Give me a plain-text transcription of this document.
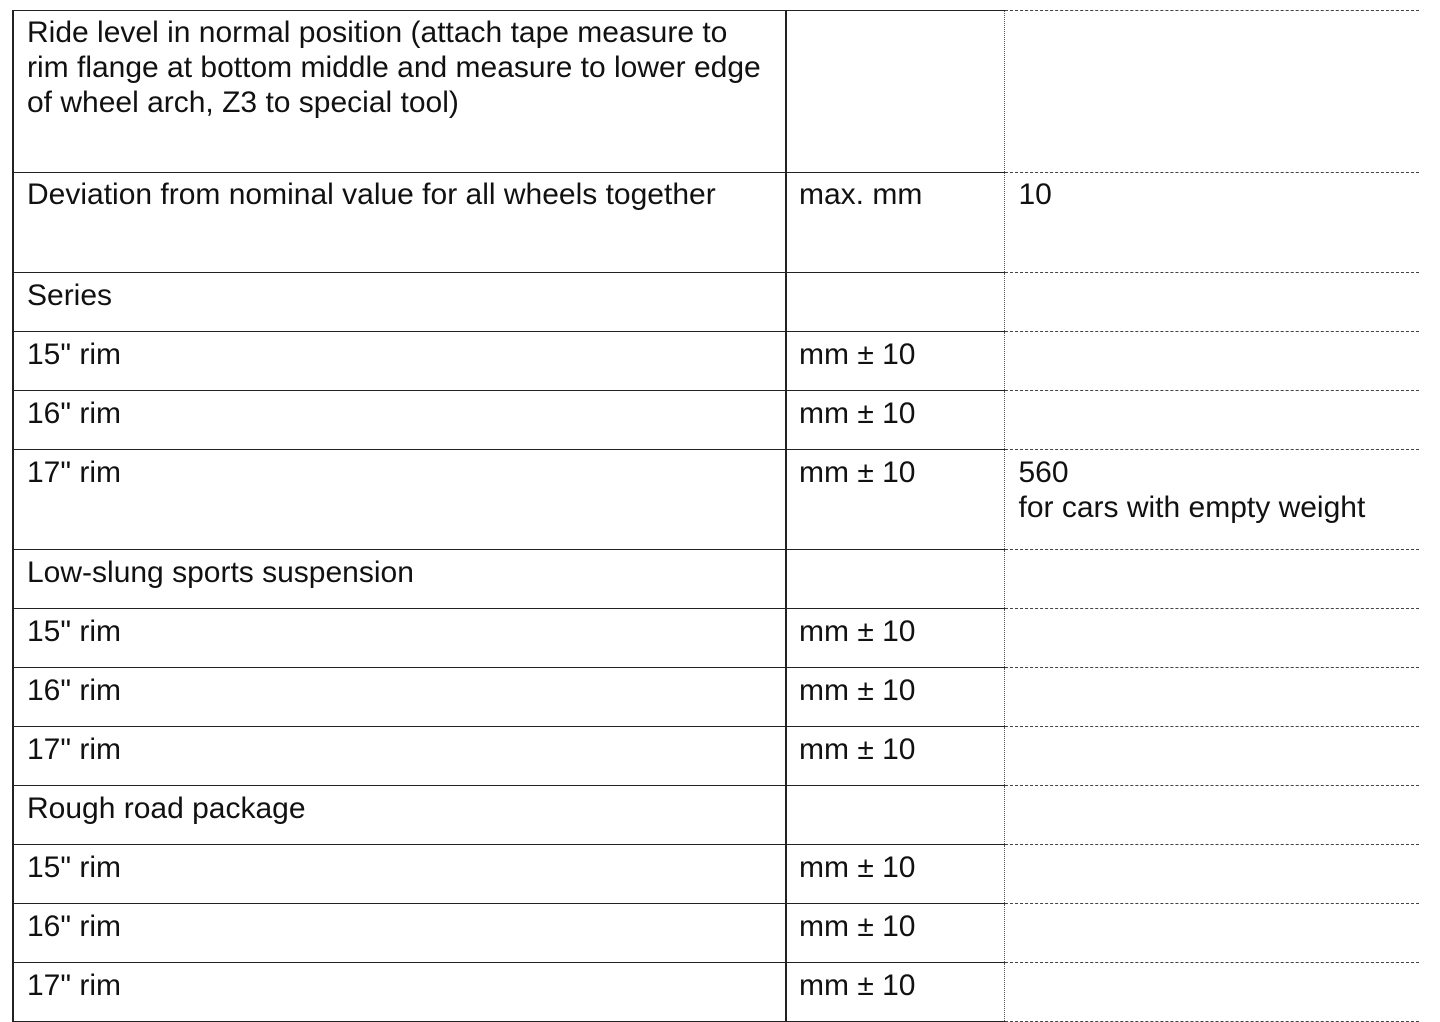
Ride level in normal position (attach tape measure to rim flange at bottom middle and measure to lower edge of wheel arch, Z3 to special tool)		
Deviation from nominal value for all wheels together	max. mm	10
Series		
15" rim	mm ± 10	
16" rim	mm ± 10	
17" rim	mm ± 10	560
for cars with empty weight

Low-slung sports suspension		
15" rim	mm ± 10	
16" rim	mm ± 10	
17" rim	mm ± 10	
Rough road package		
15" rim	mm ± 10	
16" rim	mm ± 10	
17" rim	mm ± 10	
